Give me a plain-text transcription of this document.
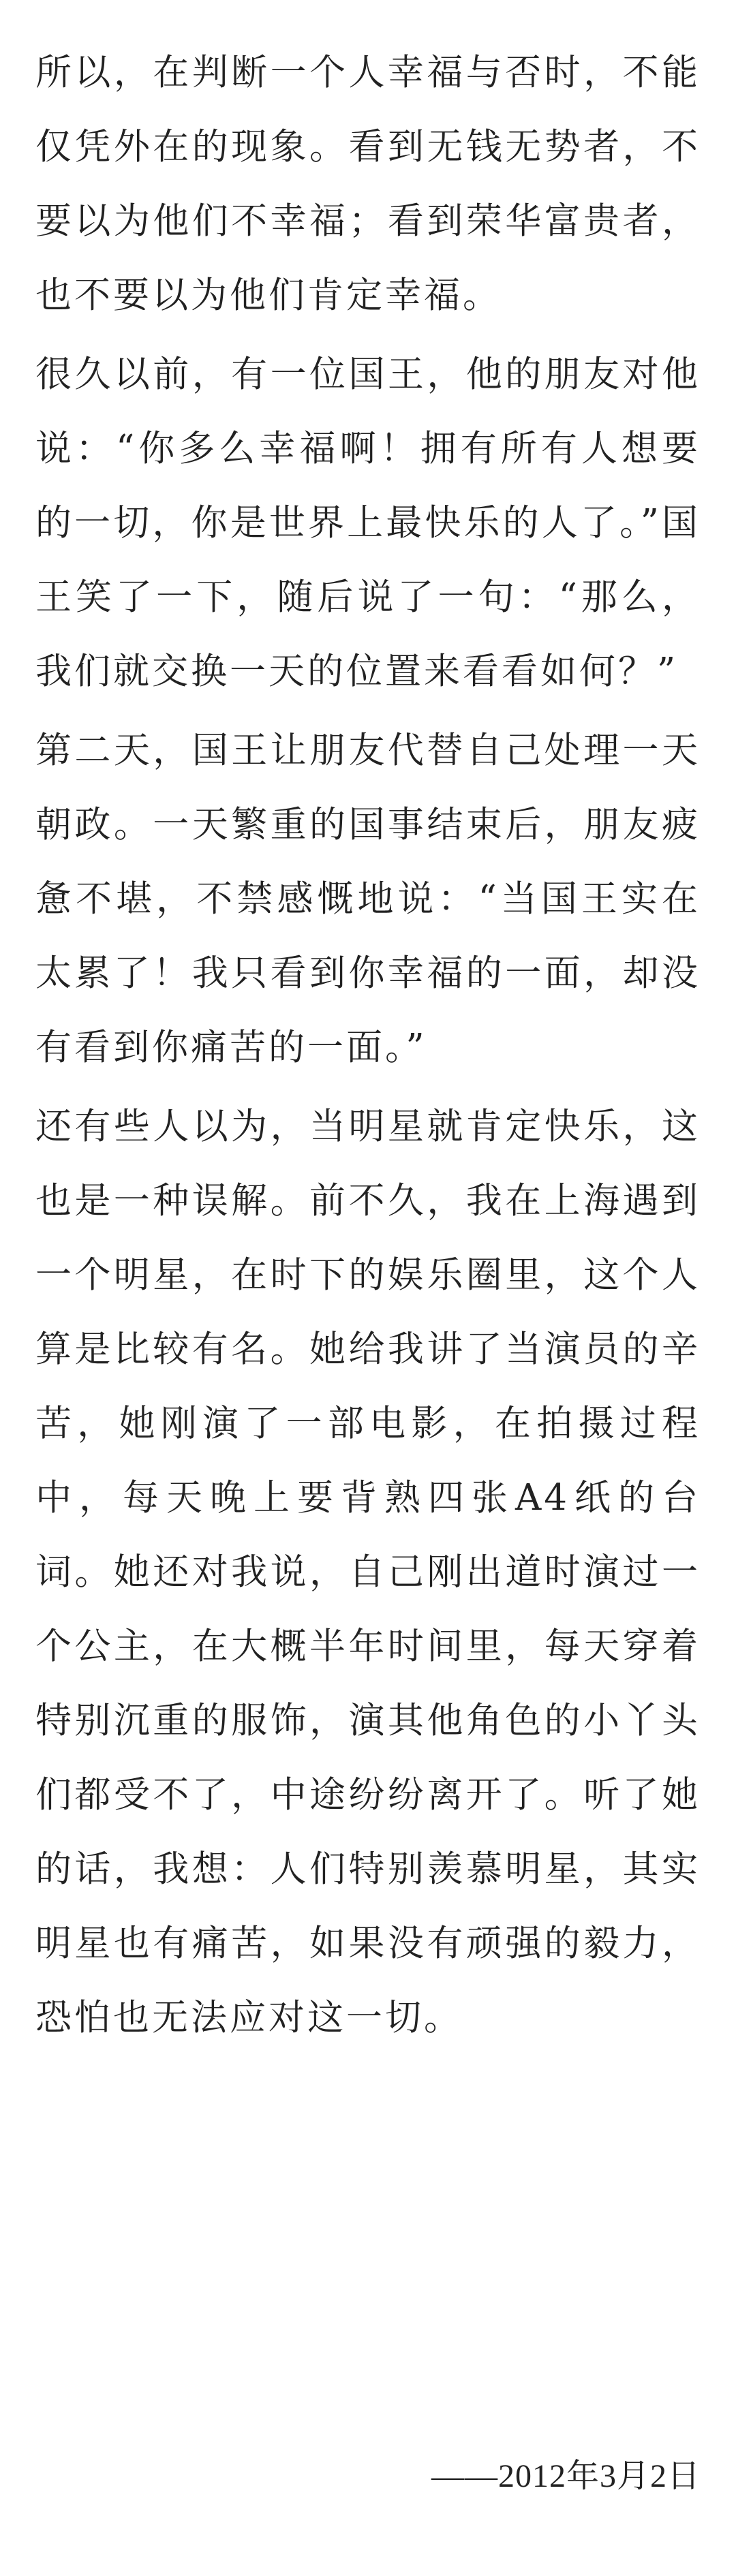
所以，在判断一个人幸福与否时，不能仅凭外在的现象。看到无钱无势者，不要以为他们不幸福；看到荣华富贵者，也不要以为他们肯定幸福。

很久以前，有一位国王，他的朋友对他说：“你多么幸福啊！拥有所有人想要的一切，你是世界上最快乐的人了。”国王笑了一下，随后说了一句：“那么，我们就交换一天的位置来看看如何？”

第二天，国王让朋友代替自己处理一天朝政。一天繁重的国事结束后，朋友疲惫不堪，不禁感慨地说：“当国王实在太累了！我只看到你幸福的一面，却没有看到你痛苦的一面。”

还有些人以为，当明星就肯定快乐，这也是一种误解。前不久，我在上海遇到一个明星，在时下的娱乐圈里，这个人算是比较有名。她给我讲了当演员的辛苦，她刚演了一部电影，在拍摄过程中，每天晚上要背熟四张A4纸的台词。她还对我说，自己刚出道时演过一个公主，在大概半年时间里，每天穿着特别沉重的服饰，演其他角色的小丫头们都受不了，中途纷纷离开了。听了她的话，我想：人们特别羡慕明星，其实明星也有痛苦，如果没有顽强的毅力，恐怕也无法应对这一切。

——2012年3月2日
